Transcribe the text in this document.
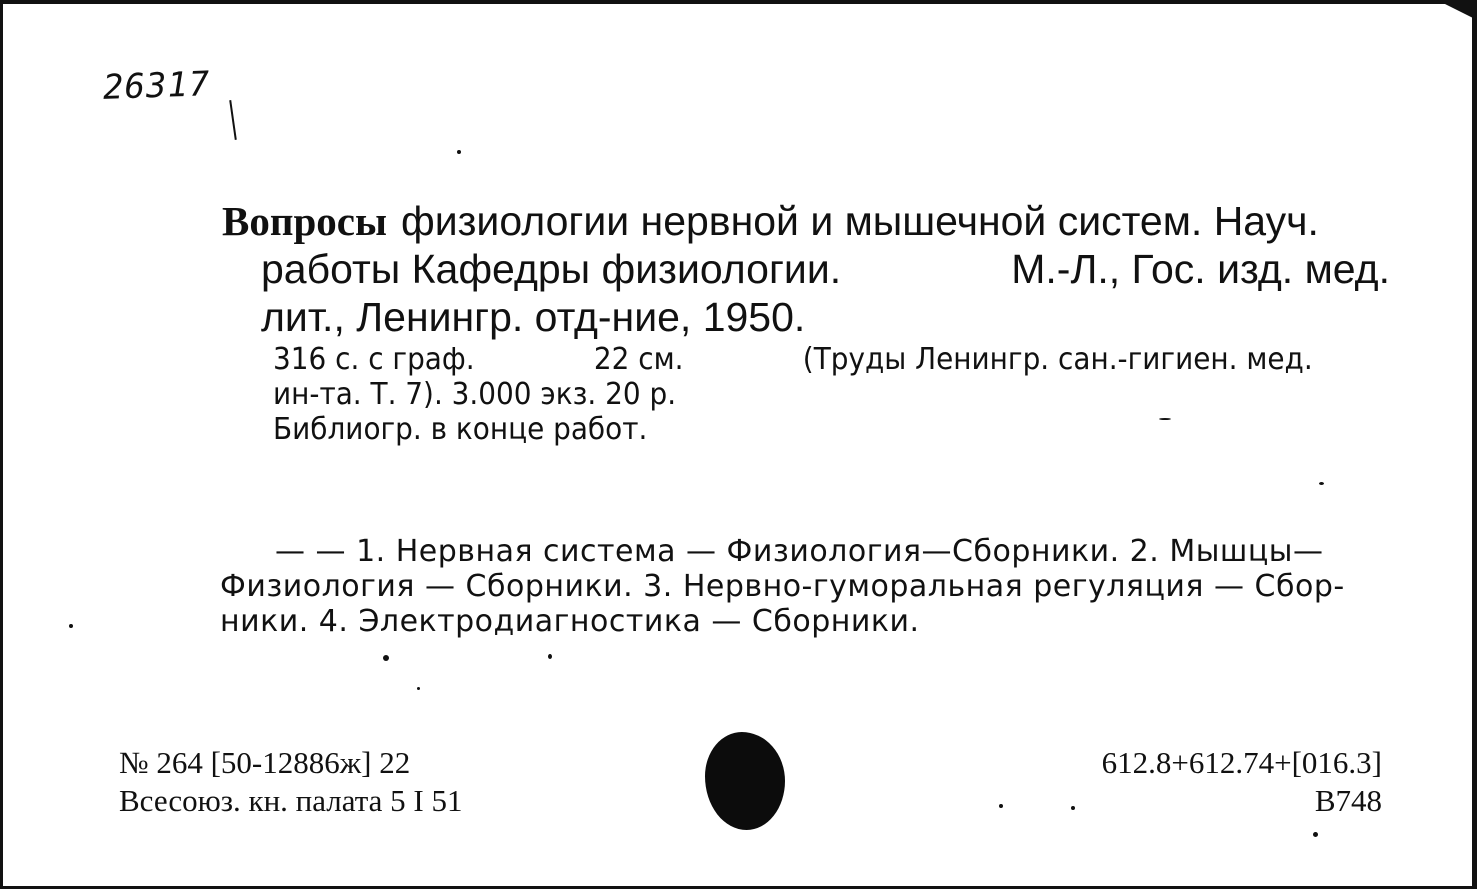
26317
Вопросы физиологии нервной и мышечной систем. Науч.
работы Кафедры физиологии.	М.-Л., Гос. изд. мед.
лит., Ленингр. отд-ние, 1950.
316 с. с граф.	22 см.	(Труды Ленингр. сан.-гигиен. мед.
ин-та. Т. 7). 3.000 экз. 20 р.
Библиогр. в конце работ.
— — 1. Нервная система — Физиология—Сборники. 2. Мышцы—
Физиология — Сборники. 3. Нервно-гуморальная регуляция — Сбор-
ники. 4. Электродиагностика — Сборники.
№ 264 [50-12886ж] 22
Всесоюз. кн. палата 5 I 51
612.8+612.74+[016.3]
В748
